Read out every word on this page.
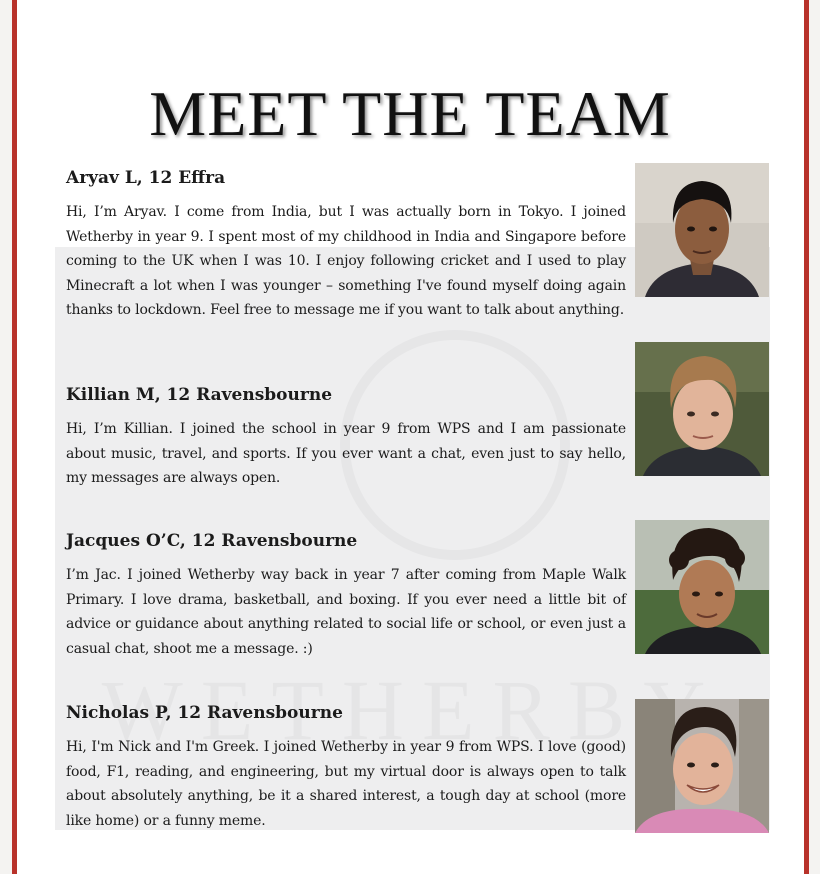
MEET THE TEAM
Aryav L, 12 Effra

Hi, I’m Aryav. I come from India, but I was actually born in Tokyo. I joined Wetherby in year 9. I spent most of my childhood in India and Singapore before coming to the UK when I was 10. I enjoy following cricket and I used to play Minecraft a lot when I was younger – something I've found myself doing again thanks to lockdown. Feel free to message me if you want to talk about anything.

Killian M, 12 Ravensbourne

Hi, I’m Killian. I joined the school in year 9 from WPS and I am passionate about music, travel, and sports. If you ever want a chat, even just to say hello, my messages are always open.

Jacques O’C, 12 Ravensbourne

I’m Jac. I joined Wetherby way back in year 7 after coming from Maple Walk Primary. I love drama, basketball, and boxing. If you ever need a little bit of advice or guidance about anything related to social life or school, or even just a casual chat, shoot me a message. :)

Nicholas P, 12 Ravensbourne

Hi, I'm Nick and I'm Greek. I joined Wetherby in year 9 from WPS. I love (good) food, F1, reading, and engineering, but my virtual door is always open to talk about absolutely anything, be it a shared interest, a tough day at school (more like home) or a funny meme.
